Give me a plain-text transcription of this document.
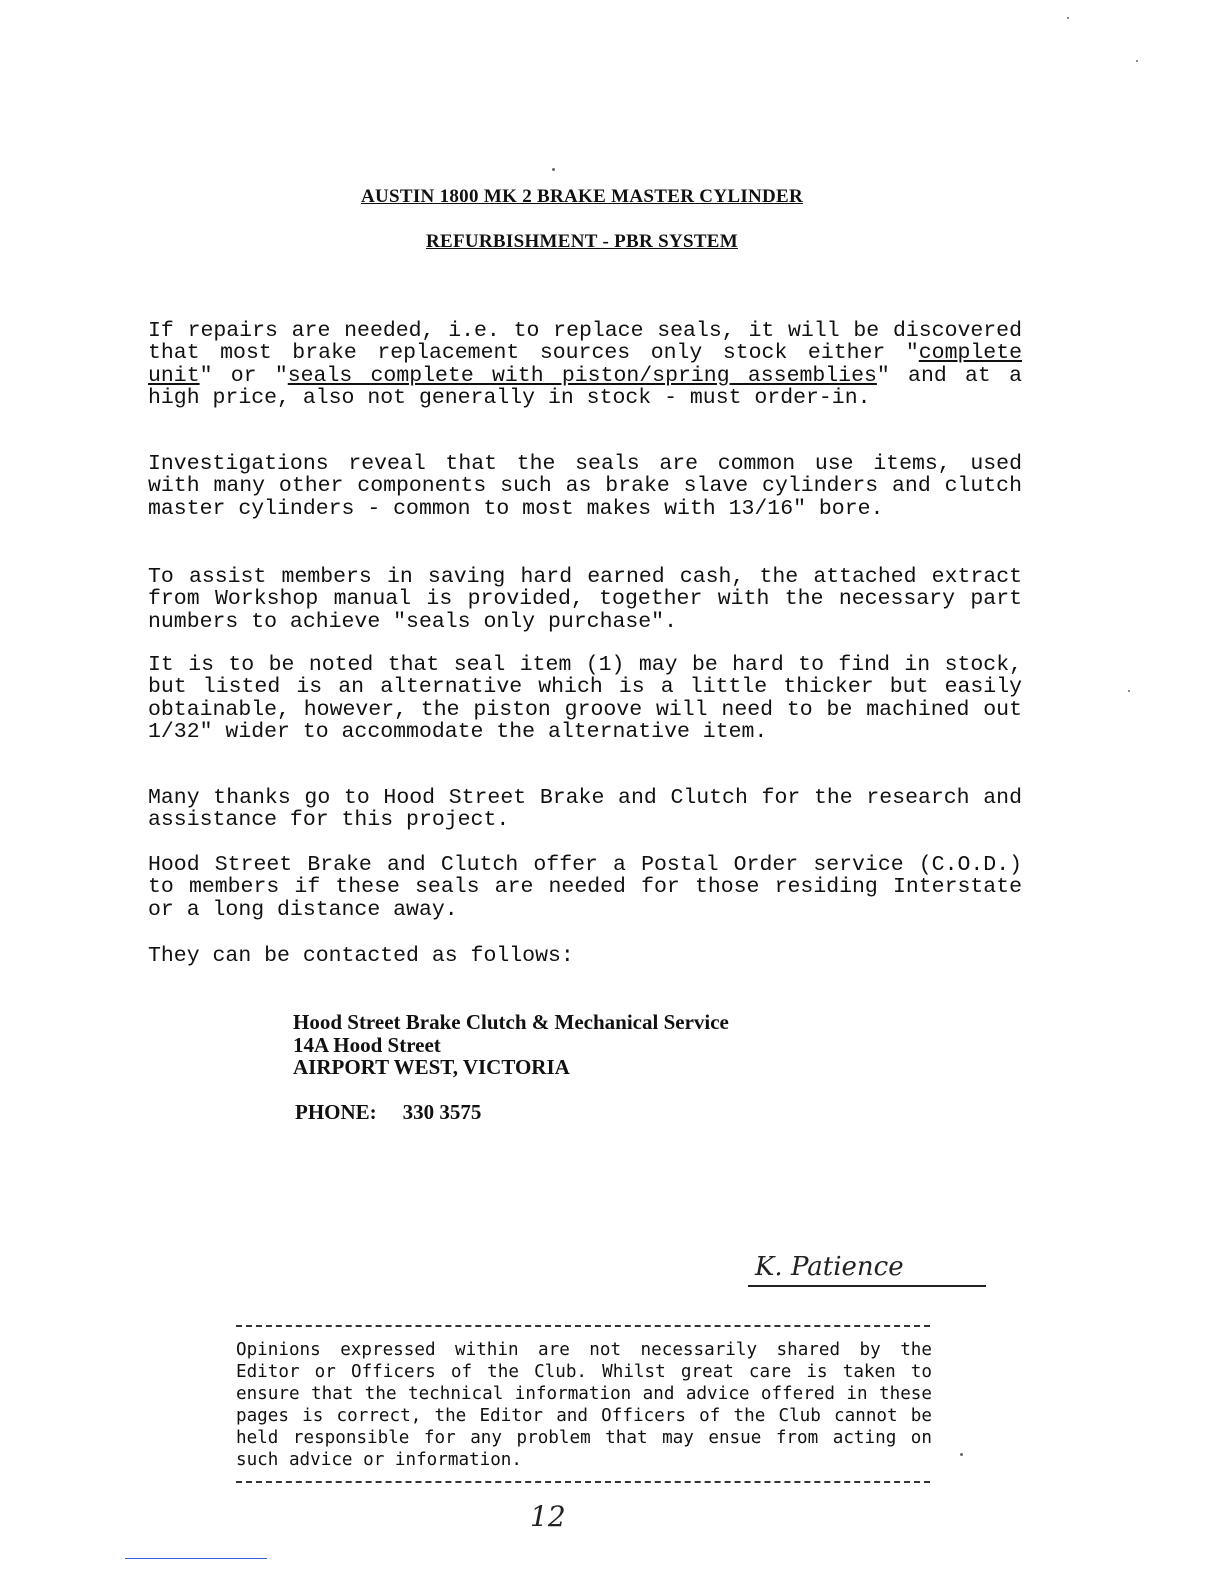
AUSTIN 1800 MK 2 BRAKE MASTER CYLINDER
REFURBISHMENT - PBR SYSTEM

If repairs are needed, i.e. to replace seals, it will be discovered that most brake replacement sources only stock either "complete unit" or "seals complete with piston/spring assemblies" and at a high price, also not generally in stock - must order-in.

Investigations reveal that the seals are common use items, used with many other components such as brake slave cylinders and clutch master cylinders - common to most makes with 13/16" bore.

To assist members in saving hard earned cash, the attached extract from Workshop manual is provided, together with the necessary part numbers to achieve "seals only purchase".

It is to be noted that seal item (1) may be hard to find in stock, but listed is an alternative which is a little thicker but easily obtainable, however, the piston groove will need to be machined out 1/32" wider to accommodate the alternative item.

Many thanks go to Hood Street Brake and Clutch for the research and assistance for this project.

Hood Street Brake and Clutch offer a Postal Order service (C.O.D.) to members if these seals are needed for those residing Interstate or a long distance away.

They can be contacted as follows:

Hood Street Brake Clutch & Mechanical Service
14A Hood Street
AIRPORT WEST, VICTORIA
PHONE: 330 3575
K. Patience

Opinions expressed within are not necessarily shared by the Editor or Officers of the Club. Whilst great care is taken to ensure that the technical information and advice offered in these pages is correct, the Editor and Officers of the Club cannot be held responsible for any problem that may ensue from acting on such advice or information.

12
